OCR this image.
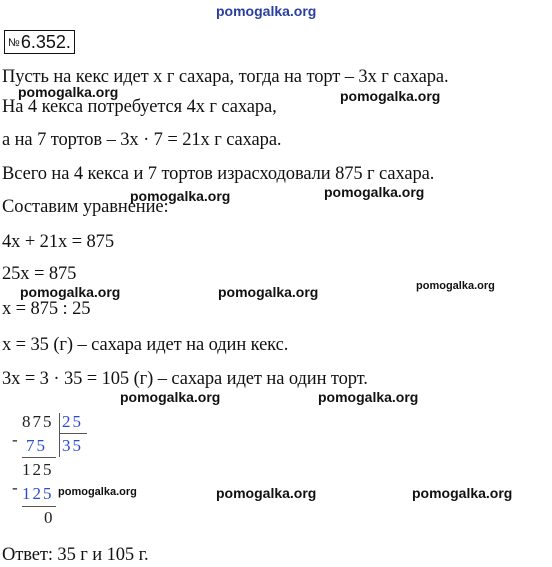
pomogalka.org
№6.352.
Пусть на кекс идет x г сахара, тогда на торт – 3x г сахара.
На 4 кекса потребуется 4x г сахара,
а на 7 тортов – 3x · 7 = 21x г сахара.
Всего на 4 кекса и 7 тортов израсходовали 875 г сахара.
Составим уравнение:
4x + 21x = 875
25x = 875
x = 875 : 25
x = 35 (г) – сахара идет на один кекс.
3x = 3 · 35 = 105 (г) – сахара идет на один торт.
pomogalka.org	pomogalka.org
pomogalka.org	pomogalka.org
pomogalka.org	pomogalka.org	pomogalka.org
pomogalka.org	pomogalka.org
pomogalka.org	pomogalka.org	pomogalka.org
875 25
35
- 75
125
- 125
0
Ответ: 35 г и 105 г.
